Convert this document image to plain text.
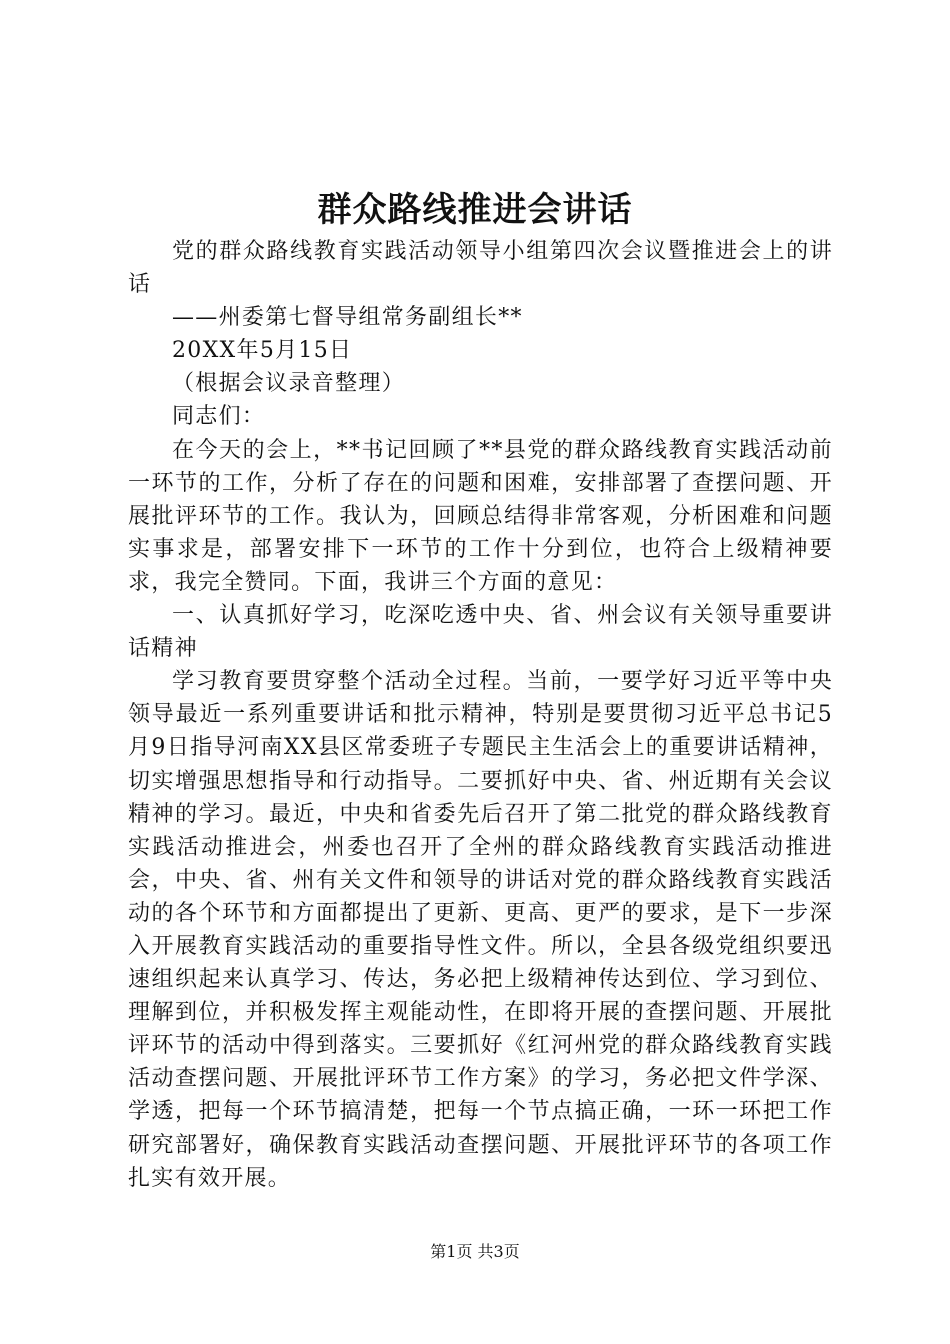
群众路线推进会讲话

党的群众路线教育实践活动领导小组第四次会议暨推进会上的讲话

——州委第七督导组常务副组长**

20XX年5月15日

（根据会议录音整理）

同志们：

在今天的会上，**书记回顾了**县党的群众路线教育实践活动前一环节的工作，分析了存在的问题和困难，安排部署了查摆问题、开展批评环节的工作。我认为，回顾总结得非常客观，分析困难和问题实事求是，部署安排下一环节的工作十分到位，也符合上级精神要求，我完全赞同。下面，我讲三个方面的意见：

一、认真抓好学习，吃深吃透中央、省、州会议有关领导重要讲话精神

学习教育要贯穿整个活动全过程。当前，一要学好习近平等中央领导最近一系列重要讲话和批示精神，特别是要贯彻习近平总书记5月9日指导河南XX县区常委班子专题民主生活会上的重要讲话精神，切实增强思想指导和行动指导。二要抓好中央、省、州近期有关会议精神的学习。最近，中央和省委先后召开了第二批党的群众路线教育实践活动推进会，州委也召开了全州的群众路线教育实践活动推进会，中央、省、州有关文件和领导的讲话对党的群众路线教育实践活动的各个环节和方面都提出了更新、更高、更严的要求，是下一步深入开展教育实践活动的重要指导性文件。所以，全县各级党组织要迅速组织起来认真学习、传达，务必把上级精神传达到位、学习到位、理解到位，并积极发挥主观能动性，在即将开展的查摆问题、开展批评环节的活动中得到落实。三要抓好《红河州党的群众路线教育实践活动查摆问题、开展批评环节工作方案》的学习，务必把文件学深、学透，把每一个环节搞清楚，把每一个节点搞正确，一环一环把工作研究部署好，确保教育实践活动查摆问题、开展批评环节的各项工作扎实有效开展。

第1页 共3页
